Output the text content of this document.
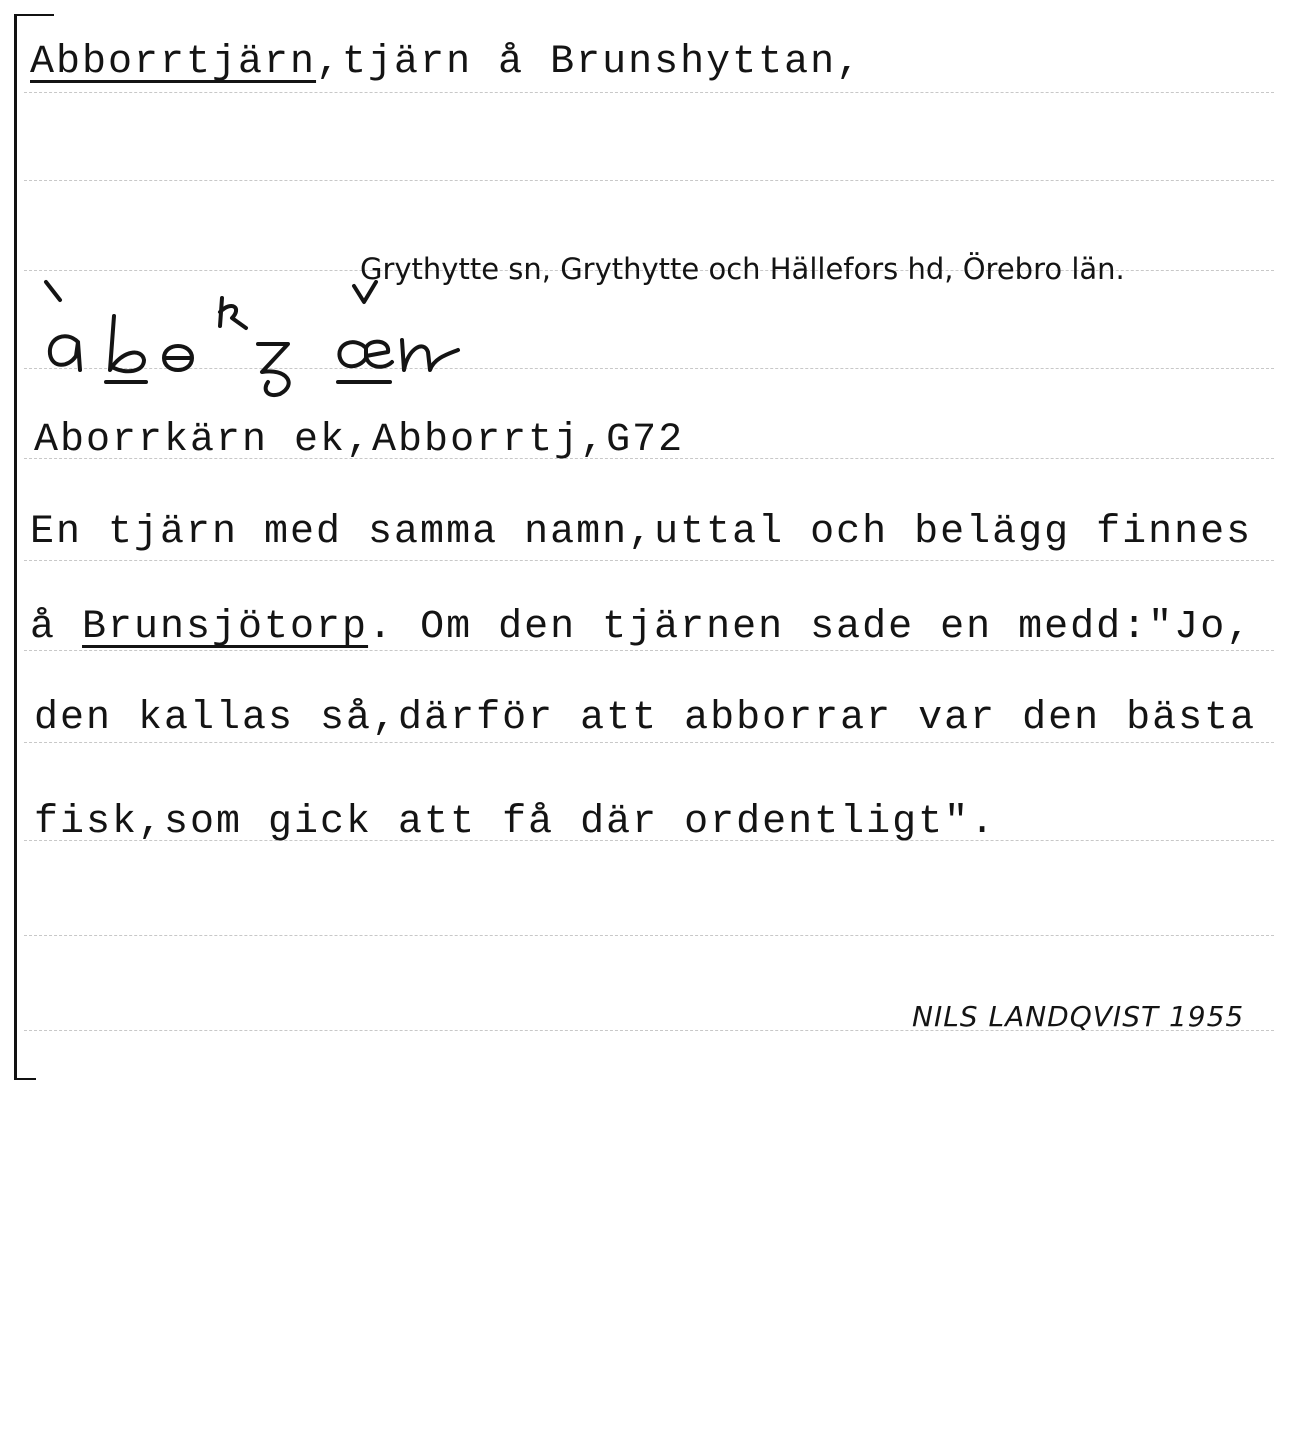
Abborrtjärn,tjärn å Brunshyttan,
Grythytte sn, Grythytte och Hällefors hd, Örebro län.
Aborrkärn ek,Abborrtj,G72
En tjärn med samma namn,uttal och belägg finnes
å Brunsjötorp. Om den tjärnen sade en medd:"Jo,
den kallas så,därför att abborrar var den bästa
fisk,som gick att få där ordentligt".
NILS LANDQVIST 1955
